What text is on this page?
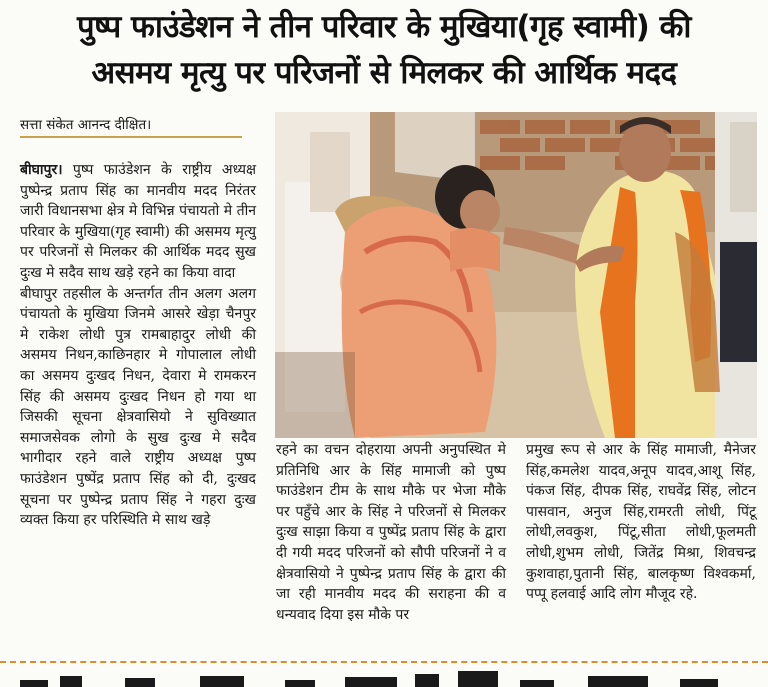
पुष्प फाउंडेशन ने तीन परिवार के मुखिया(गृह स्वामी) की
असमय मृत्यु पर परिजनों से मिलकर की आर्थिक मदद
सत्ता संकेत आनन्द दीक्षित।

बीघापुर। पुष्प फाउंडेशन के राष्ट्रीय अध्यक्ष पुष्पेन्द्र प्रताप सिंह का मानवीय मदद निरंतर जारी विधानसभा क्षेत्र मे विभिन्न पंचायतो मे तीन परिवार के मुखिया(गृह स्वामी) की असमय मृत्यु पर परिजनों से मिलकर की आर्थिक मदद सुख दुःख मे सदैव साथ खड़े रहने का किया वादा

बीघापुर तहसील के अन्तर्गत तीन अलग अलग पंचायतो के मुखिया जिनमे आसरे खेड़ा चैनपुर मे राकेश लोधी पुत्र रामबाहादुर लोधी की असमय निधन,काछिनहार मे गोपालाल लोधी का असमय दुःखद निधन, देवारा मे रामकरन सिंह की असमय दुःखद निधन हो गया था जिसकी सूचना क्षेत्रवासियो ने सुविख्यात समाजसेवक लोगो के सुख दुःख मे सदैव भागीदार रहने वाले राष्ट्रीय अध्यक्ष पुष्प फाउंडेशन पुष्पेंद्र प्रताप सिंह को दी, दुःखद सूचना पर पुष्पेन्द्र प्रताप सिंह ने गहरा दुःख व्यक्त किया हर परिस्थिति मे साथ खड़े

रहने का वचन दोहराया अपनी अनुपस्थित मे प्रतिनिधि आर के सिंह मामाजी को पुष्प फाउंडेशन टीम के साथ मौके पर भेजा मौके पर पहुँचे आर के सिंह ने परिजनों से मिलकर दुःख साझा किया व पुष्पेंद्र प्रताप सिंह के द्वारा दी गयी मदद परिजनों को सौपी परिजनों ने व क्षेत्रवासियो ने पुष्पेन्द्र प्रताप सिंह के द्वारा की जा रही मानवीय मदद की सराहना की व धन्यवाद दिया इस मौके पर
प्रमुख रूप से आर के सिंह मामाजी, मैनेजर सिंह,कमलेश यादव,अनूप यादव,आशू सिंह, पंकज सिंह, दीपक सिंह, राघवेंद्र सिंह, लोटन पासवान, अनुज सिंह,रामरती लोधी, पिंटू लोधी,लवकुश, पिंटू,सीता लोधी,फूलमती लोधी,शुभम लोधी, जितेंद्र मिश्रा, शिवचन्द्र कुशवाहा,पुतानी सिंह, बालकृष्ण विश्वकर्मा, पप्पू हलवाई आदि लोग मौजूद रहे.
